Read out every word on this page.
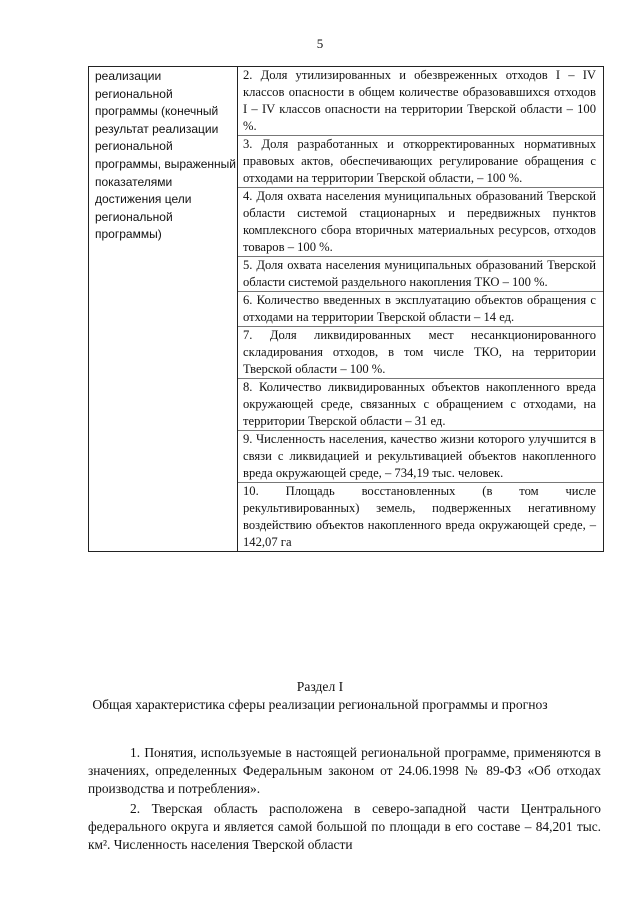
5
реализации региональной программы (конечный результат реализации региональной программы, выраженный показателями достижения цели региональной программы)

2. Доля утилизированных и обезвреженных отходов I – IV классов опасности в общем количестве образовавшихся отходов I – IV классов опасности на территории Тверской области – 100 %.
3. Доля разработанных и откорректированных нормативных правовых актов, обеспечивающих регулирование обращения с отходами на территории Тверской области, – 100 %.
4. Доля охвата населения муниципальных образований Тверской области системой стационарных и передвижных пунктов комплексного сбора вторичных материальных ресурсов, отходов товаров – 100 %.
5. Доля охвата населения муниципальных образований Тверской области системой раздельного накопления ТКО – 100 %.
6. Количество введенных в эксплуатацию объектов обращения с отходами на территории Тверской области – 14 ед.
7. Доля ликвидированных мест несанкционированного складирования отходов, в том числе ТКО, на территории Тверской области – 100 %.
8. Количество ликвидированных объектов накопленного вреда окружающей среде, связанных с обращением с отходами, на территории Тверской области – 31 ед.
9. Численность населения, качество жизни которого улучшится в связи с ликвидацией и рекультивацией объектов накопленного вреда окружающей среде, – 734,19 тыс. человек.
10. Площадь восстановленных (в том числе рекультивированных) земель, подверженных негативному воздействию объектов накопленного вреда окружающей среде, – 142,07 га
Раздел I
Общая характеристика сферы реализации региональной программы и прогноз
1. Понятия, используемые в настоящей региональной программе, применяются в значениях, определенных Федеральным законом от 24.06.1998 № 89-ФЗ «Об отходах производства и потребления».
2. Тверская область расположена в северо-западной части Центрального федерального округа и является самой большой по площади в его составе – 84,201 тыс. км². Численность населения Тверской области
